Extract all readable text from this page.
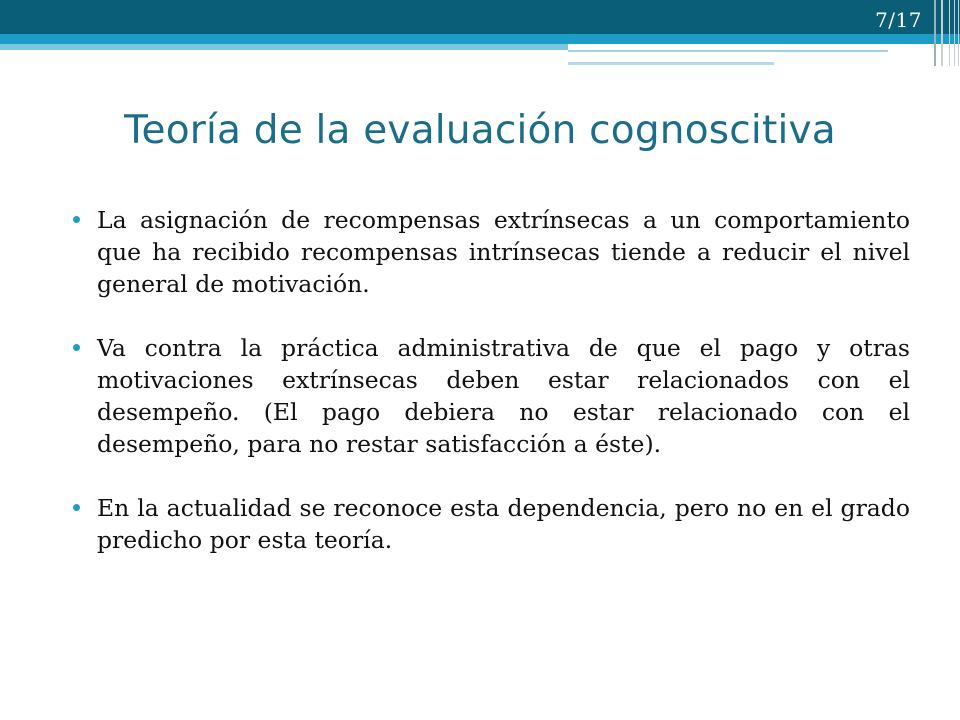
7/17
Teoría de la evaluación cognoscitiva
La asignación de recompensas extrínsecas a un comportamiento que ha recibido recompensas intrínsecas tiende a reducir el nivel general de motivación.
Va contra la práctica administrativa de que el pago y otras motivaciones extrínsecas deben estar relacionados con el desempeño. (El pago debiera no estar relacionado con el desempeño, para no restar satisfacción a éste).
En la actualidad se reconoce esta dependencia, pero no en el grado predicho por esta teoría.
